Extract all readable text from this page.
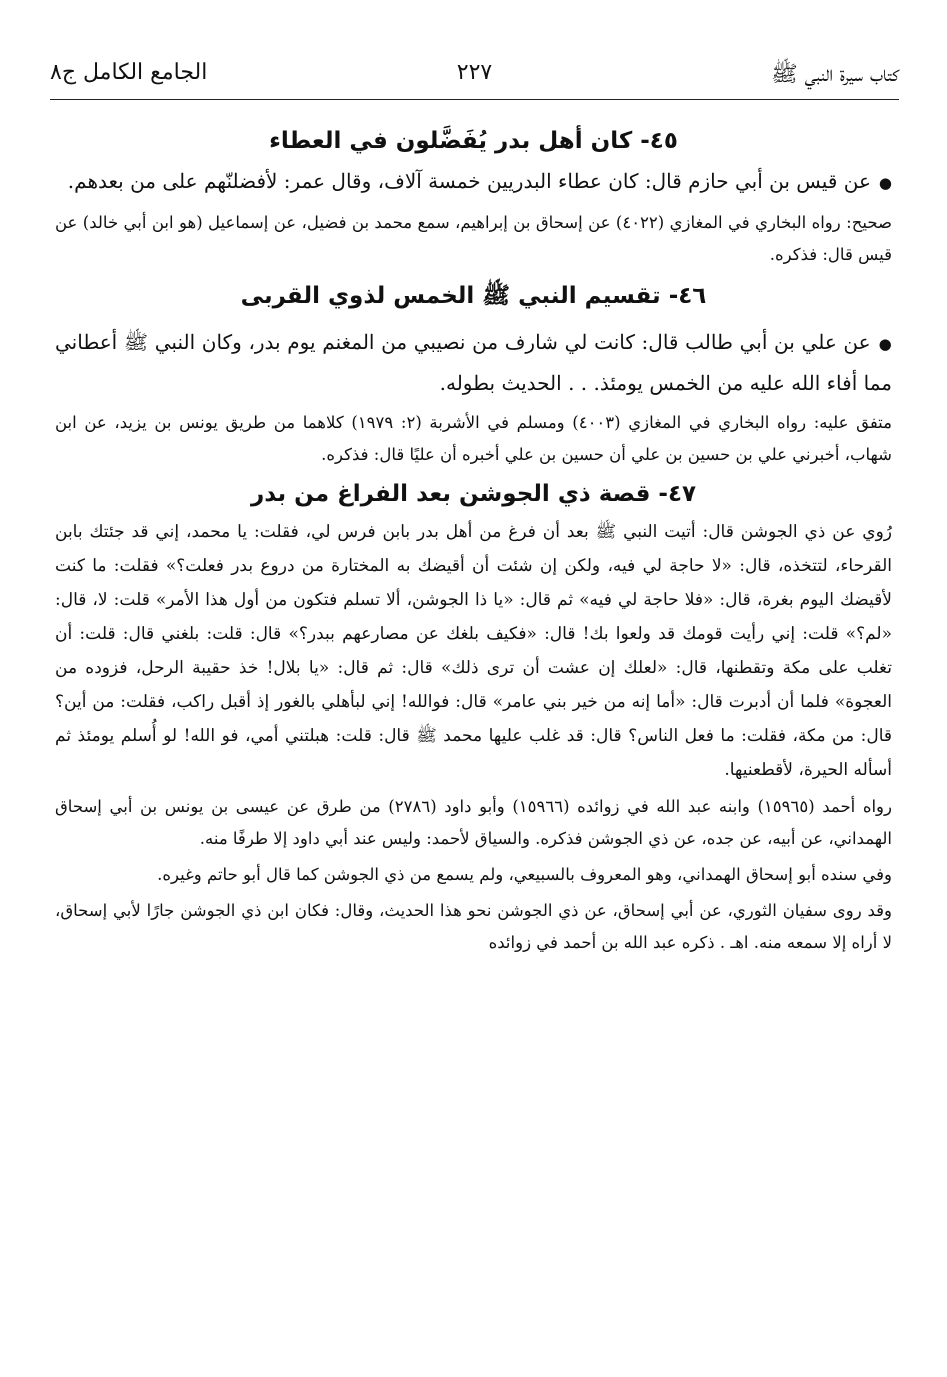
كتاب سيرة النبي ﷺ
٢٢٧
الجامع الكامل ج٨
٤٥- كان أهل بدر يُفَضَّلون في العطاء

●عن قيس بن أبي حازم قال: كان عطاء البدريين خمسة آلاف، وقال عمر: لأفضلنّهم على من بعدهم.

صحيح: رواه البخاري في المغازي (٤٠٢٢) عن إسحاق بن إبراهيم، سمع محمد بن فضيل، عن إسماعيل (هو ابن أبي خالد) عن قيس قال: فذكره.

٤٦- تقسيم النبي ﷺ الخمس لذوي القربى

●عن علي بن أبي طالب قال: كانت لي شارف من نصيبي من المغنم يوم بدر، وكان النبي ﷺ أعطاني مما أفاء الله عليه من الخمس يومئذ. . . الحديث بطوله.

متفق عليه: رواه البخاري في المغازي (٤٠٠٣) ومسلم في الأشربة (٢: ١٩٧٩) كلاهما من طريق يونس بن يزيد، عن ابن شهاب، أخبرني علي بن حسين بن علي أن حسين بن علي أخبره أن عليًا قال: فذكره.

٤٧- قصة ذي الجوشن بعد الفراغ من بدر

رُوي عن ذي الجوشن قال: أتيت النبي ﷺ بعد أن فرغ من أهل بدر بابن فرس لي، فقلت: يا محمد، إني قد جئتك بابن القرحاء، لتتخذه، قال: «لا حاجة لي فيه، ولكن إن شئت أن أقيضك به المختارة من دروع بدر فعلت؟» فقلت: ما كنت لأقيضك اليوم بغرة، قال: «فلا حاجة لي فيه» ثم قال: «يا ذا الجوشن، ألا تسلم فتكون من أول هذا الأمر» قلت: لا، قال: «لم؟» قلت: إني رأيت قومك قد ولعوا بك! قال: «فكيف بلغك عن مصارعهم ببدر؟» قال: قلت: بلغني قال: قلت: أن تغلب على مكة وتقطنها، قال: «لعلك إن عشت أن ترى ذلك» قال: ثم قال: «يا بلال! خذ حقيبة الرحل، فزوده من العجوة» فلما أن أدبرت قال: «أما إنه من خير بني عامر» قال: فوالله! إني لبأهلي بالغور إذ أقبل راكب، فقلت: من أين؟ قال: من مكة، فقلت: ما فعل الناس؟ قال: قد غلب عليها محمد ﷺ قال: قلت: هبلتني أمي، فو الله! لو أُسلم يومئذ ثم أسأله الحيرة، لأقطعنيها.

رواه أحمد (١٥٩٦٥) وابنه عبد الله في زوائده (١٥٩٦٦) وأبو داود (٢٧٨٦) من طرق عن عيسى بن يونس بن أبي إسحاق الهمداني، عن أبيه، عن جده، عن ذي الجوشن فذكره. والسياق لأحمد: وليس عند أبي داود إلا طرفًا منه.

وفي سنده أبو إسحاق الهمداني، وهو المعروف بالسبيعي، ولم يسمع من ذي الجوشن كما قال أبو حاتم وغيره.

وقد روى سفيان الثوري، عن أبي إسحاق، عن ذي الجوشن نحو هذا الحديث، وقال: فكان ابن ذي الجوشن جارًا لأبي إسحاق، لا أراه إلا سمعه منه. اهـ . ذكره عبد الله بن أحمد في زوائده
